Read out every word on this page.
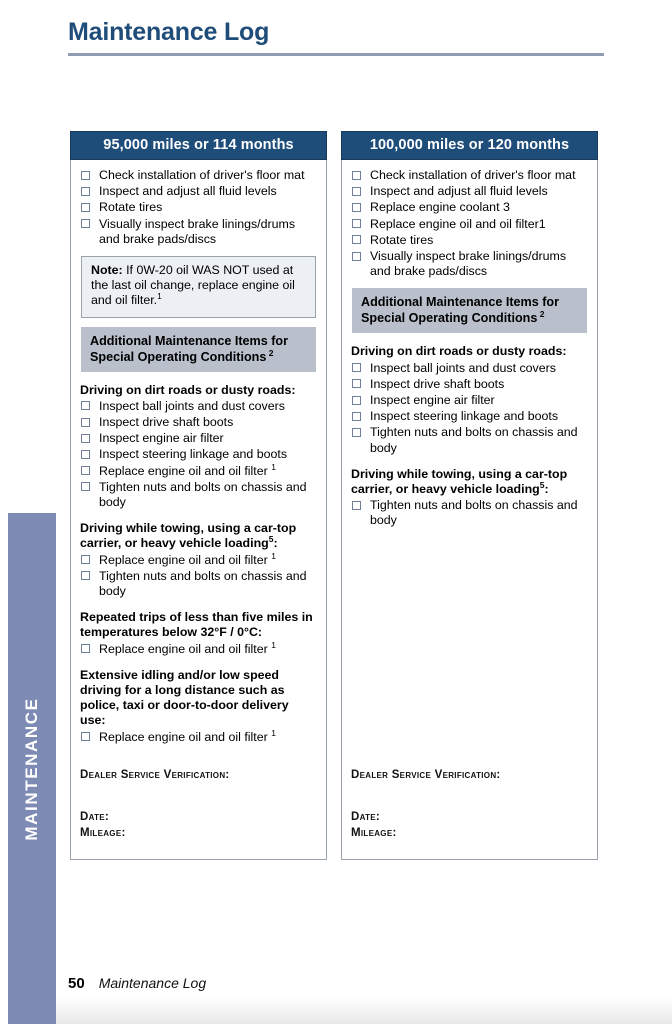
MAINTENANCE
Maintenance Log
95,000 miles or 114 months
Check installation of driver's floor mat
Inspect and adjust all fluid levels
Rotate tires
Visually inspect brake linings/drums and brake pads/discs
Note: If 0W-20 oil WAS NOT used at the last oil change, replace engine oil and oil filter.$^1$
Additional Maintenance Items for
Special Operating Conditions $^2$
Driving on dirt roads or dusty roads:
Inspect ball joints and dust covers
Inspect drive shaft boots
Inspect engine air filter
Inspect steering linkage and boots
Replace engine oil and oil filter $^1$
Tighten nuts and bolts on chassis and body
Driving while towing, using a car-top carrier, or heavy vehicle loading$^5$:
Replace engine oil and oil filter $^1$
Tighten nuts and bolts on chassis and body
Repeated trips of less than five miles in temperatures below 32°F / 0°C:
Replace engine oil and oil filter $^1$
Extensive idling and/or low speed driving for a long distance such as police, taxi or door-to-door delivery use:
Replace engine oil and oil filter $^1$
Dealer Service Verification:
Date:
Mileage:
100,000 miles or 120 months
Check installation of driver's floor mat
Inspect and adjust all fluid levels
Replace engine coolant 3
Replace engine oil and oil filter1
Rotate tires
Visually inspect brake linings/drums and brake pads/discs
Additional Maintenance Items for
Special Operating Conditions $^2$
Driving on dirt roads or dusty roads:
Inspect ball joints and dust covers
Inspect drive shaft boots
Inspect engine air filter
Inspect steering linkage and boots
Tighten nuts and bolts on chassis and body
Driving while towing, using a car-top carrier, or heavy vehicle loading$^5$:
Tighten nuts and bolts on chassis and body
Dealer Service Verification:
Date:
Mileage:
50 Maintenance Log
